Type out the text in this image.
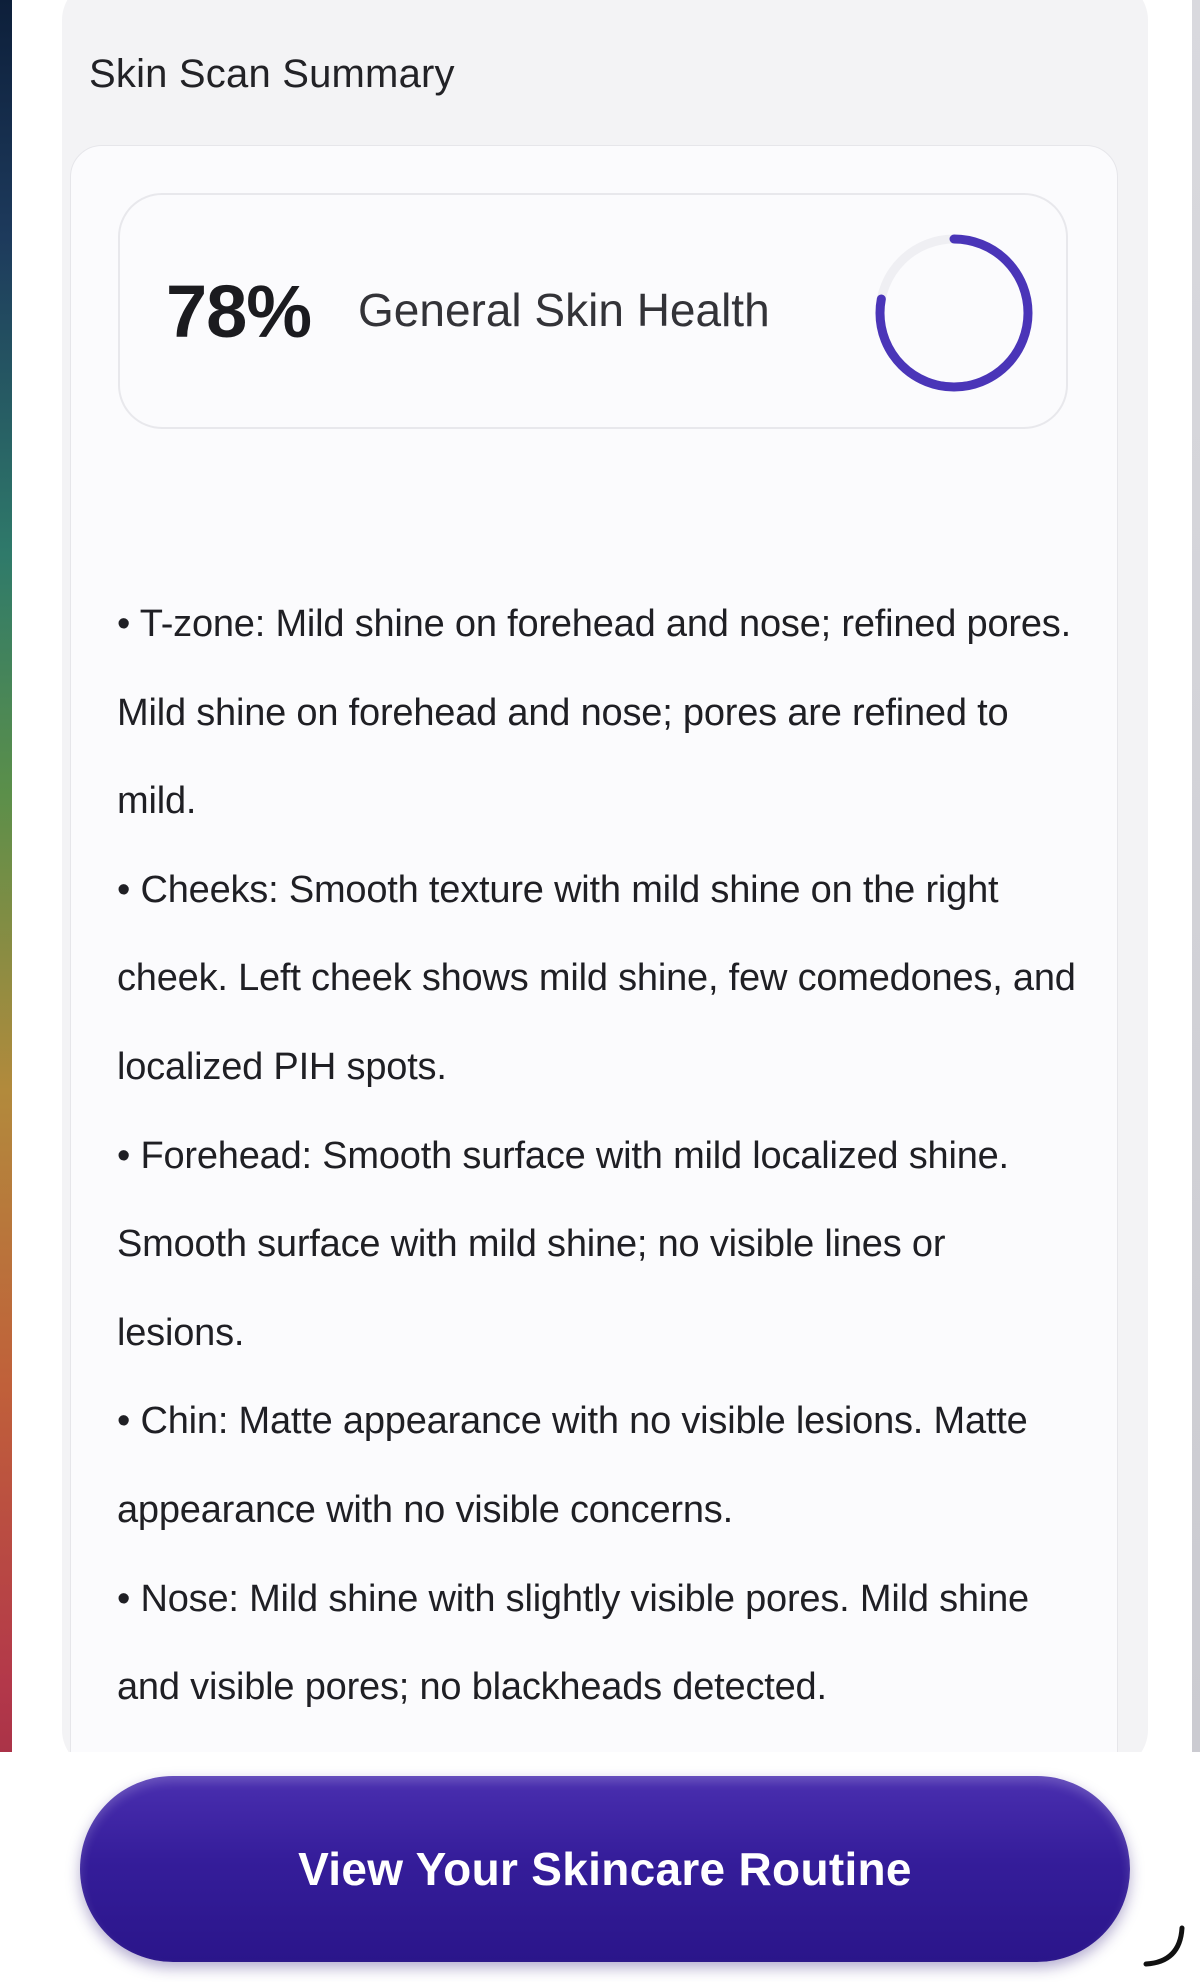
Skin Scan Summary
78% General Skin Health
• T-zone: Mild shine on forehead and nose; refined pores. Mild shine on forehead and nose; pores are refined to mild.
• Cheeks: Smooth texture with mild shine on the right cheek. Left cheek shows mild shine, few comedones, and localized PIH spots.
• Forehead: Smooth surface with mild localized shine. Smooth surface with mild shine; no visible lines or lesions.
• Chin: Matte appearance with no visible lesions. Matte appearance with no visible concerns.
• Nose: Mild shine with slightly visible pores. Mild shine and visible pores; no blackheads detected.
View Your Skincare Routine
